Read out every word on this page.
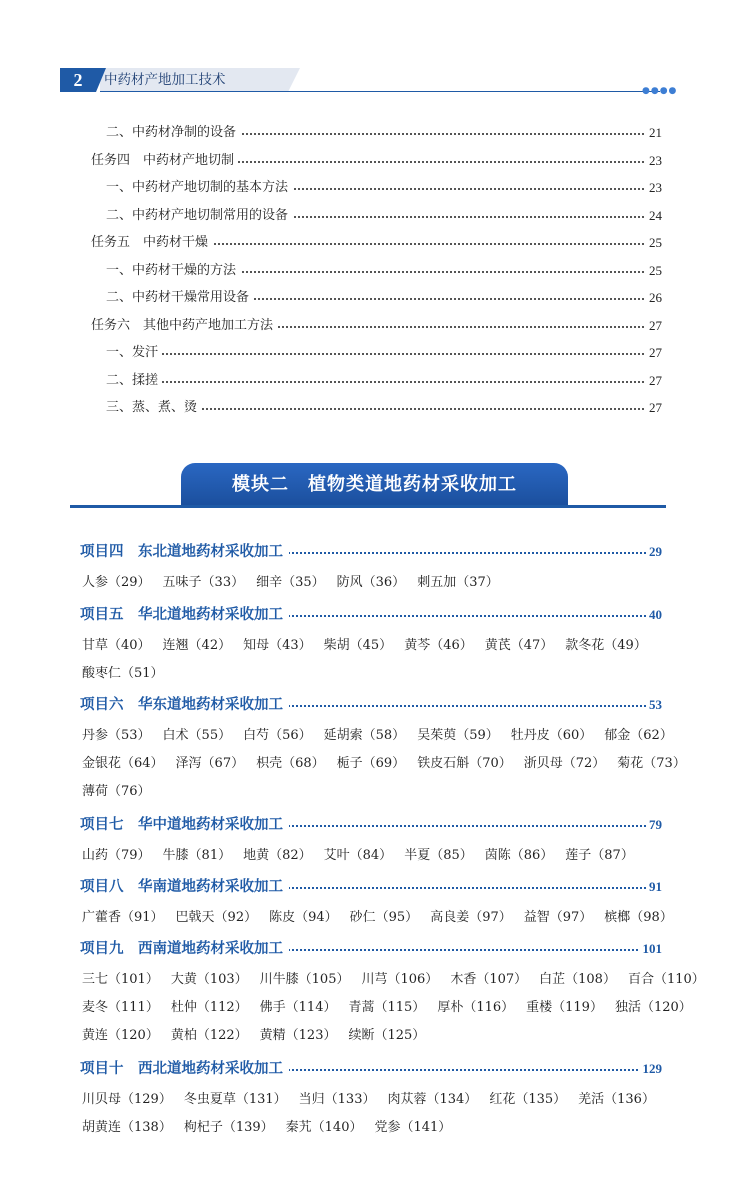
2	中药材产地加工技术
●●●●
二、中药材净制的设备	21
任务四　中药材产地切制	23
一、中药材产地切制的基本方法	23
二、中药材产地切制常用的设备	24
任务五　中药材干燥	25
一、中药材干燥的方法	25
二、中药材干燥常用设备	26
任务六　其他中药产地加工方法	27
一、发汗	27
二、揉搓	27
三、蒸、煮、烫	27
模块二　植物类道地药材采收加工
项目四　东北道地药材采收加工	29
人参（29） 五味子（33） 细辛（35） 防风（36） 刺五加（37）
项目五　华北道地药材采收加工	40
甘草（40） 连翘（42） 知母（43） 柴胡（45） 黄芩（46） 黄芪（47） 款冬花（49）
酸枣仁（51）
项目六　华东道地药材采收加工	53
丹参（53） 白术（55） 白芍（56） 延胡索（58） 吴茱萸（59） 牡丹皮（60） 郁金（62）
金银花（64） 泽泻（67） 枳壳（68） 栀子（69） 铁皮石斛（70） 浙贝母（72） 菊花（73）
薄荷（76）
项目七　华中道地药材采收加工	79
山药（79） 牛膝（81） 地黄（82） 艾叶（84） 半夏（85） 茵陈（86） 莲子（87）
项目八　华南道地药材采收加工	91
广藿香（91） 巴戟天（92） 陈皮（94） 砂仁（95） 高良姜（97） 益智（97） 槟榔（98）
项目九　西南道地药材采收加工	101
三七（101） 大黄（103） 川牛膝（105） 川芎（106） 木香（107） 白芷（108） 百合（110）
麦冬（111） 杜仲（112） 佛手（114） 青蒿（115） 厚朴（116） 重楼（119） 独活（120）
黄连（120） 黄柏（122） 黄精（123） 续断（125）
项目十　西北道地药材采收加工	129
川贝母（129） 冬虫夏草（131） 当归（133） 肉苁蓉（134） 红花（135） 羌活（136）
胡黄连（138） 枸杞子（139） 秦艽（140） 党参（141）
